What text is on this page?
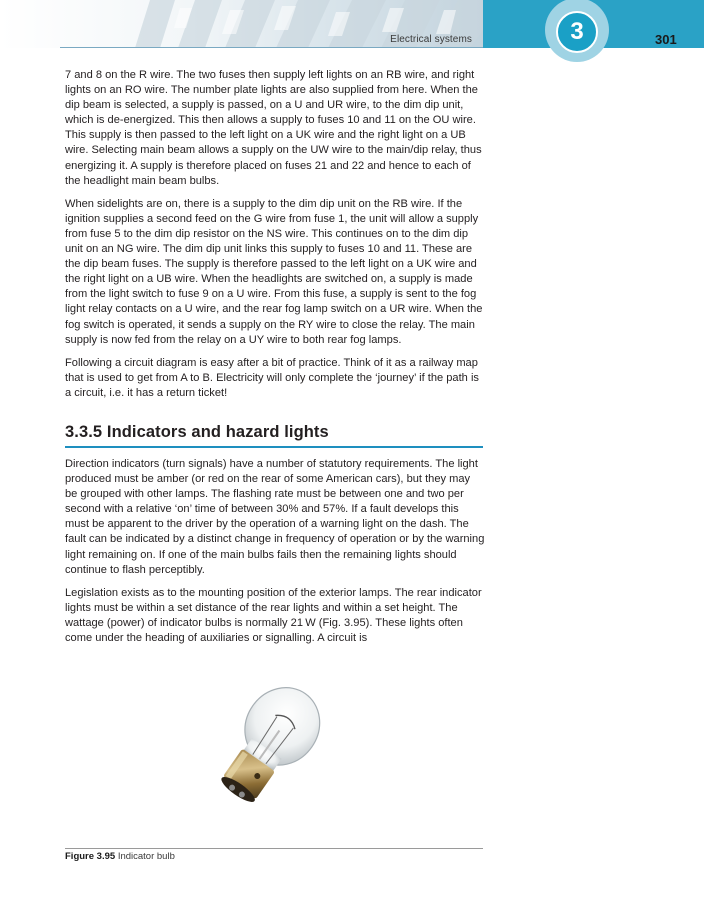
Electrical systems	3	301

7 and 8 on the R wire. The two fuses then supply left lights on an RB wire, and right lights on an RO wire. The number plate lights are also supplied from here. When the dip beam is selected, a supply is passed, on a U and UR wire, to the dim dip unit, which is de-energized. This then allows a supply to fuses 10 and 11 on the OU wire. This supply is then passed to the left light on a UK wire and the right light on a UB wire. Selecting main beam allows a supply on the UW wire to the main/dip relay, thus energizing it. A supply is therefore placed on fuses 21 and 22 and hence to each of the headlight main beam bulbs.

When sidelights are on, there is a supply to the dim dip unit on the RB wire. If the ignition supplies a second feed on the G wire from fuse 1, the unit will allow a supply from fuse 5 to the dim dip resistor on the NS wire. This continues on to the dim dip unit on an NG wire. The dim dip unit links this supply to fuses 10 and 11. These are the dip beam fuses. The supply is therefore passed to the left light on a UK wire and the right light on a UB wire. When the headlights are switched on, a supply is made from the light switch to fuse 9 on a U wire. From this fuse, a supply is sent to the fog light relay contacts on a U wire, and the rear fog lamp switch on a UR wire. When the fog switch is operated, it sends a supply on the RY wire to close the relay. The main supply is now fed from the relay on a UY wire to both rear fog lamps.

Following a circuit diagram is easy after a bit of practice. Think of it as a railway map that is used to get from A to B. Electricity will only complete the ‘journey’ if the path is a circuit, i.e. it has a return ticket!

3.3.5 Indicators and hazard lights

Direction indicators (turn signals) have a number of statutory requirements. The light produced must be amber (or red on the rear of some American cars), but they may be grouped with other lamps. The flashing rate must be between one and two per second with a relative ‘on’ time of between 30% and 57%. If a fault develops this must be apparent to the driver by the operation of a warning light on the dash. The fault can be indicated by a distinct change in frequency of operation or by the warning light remaining on. If one of the main bulbs fails then the remaining lights should continue to flash perceptibly.

Legislation exists as to the mounting position of the exterior lamps. The rear indicator lights must be within a set distance of the rear lights and within a set height. The wattage (power) of indicator bulbs is normally 21 W (Fig. 3.95). These lights often come under the heading of auxiliaries or signalling. A circuit is

Figure 3.95 Indicator bulb
